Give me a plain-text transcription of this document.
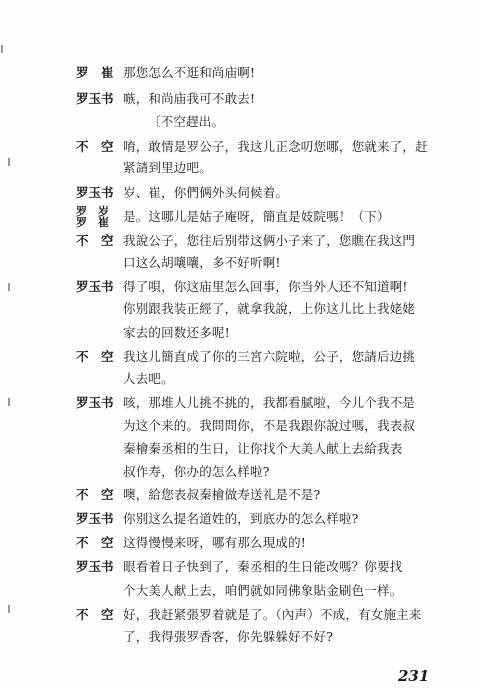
罗　崔 那您怎么不逛和尚庙啊!
罗玉书 嗾，和尚庙我可不敢去!
〔不空趕出。
不　空 唷，敢情是罗公子，我这儿正念叨您哪，您就来了，赶
紧請到里边吧。
罗玉书 岁、崔，你們俩外头伺候着。
罗　岁
罗　崔	是。这哪儿是姑子庵呀，簡直是妓院嗎！（下）
不　空 我說公子，您往后别带这俩小子来了，您瞧在我这門
口这么胡嚷嚷，多不好听啊!
罗玉书 得了唄，你这庙里怎么回事，你当外人还不知道啊!
你别跟我装正經了，就拿我說，上你这儿比上我姥姥
家去的回数还多呢!
不　空 我这儿簡直成了你的三宮六院啦，公子，您請后边挑
人去吧。
罗玉书 咳，那堆人儿挑不挑的，我都看腻啦，今儿个我不是
为这个来的。我問問你，不是我跟你說过嗎，我表叔
秦檜秦丞相的生日，让你找个大美人献上去給我表
叔作寿，你办的怎么样啦?
不　空 噢，給您表叔秦檜做寿送礼是不是?
罗玉书 你别这么提名道姓的，到底办的怎么样啦?
不　空 这得慢慢来呀，哪有那么現成的!
罗玉书 眼看着日子快到了，秦丞相的生日能改嗎？你要找
个大美人献上去，咱們就如同佛象貼金刷色一样。
不　空 好，我赶紧張罗着就是了。（內声）不成，有女施主来
了，我得張罗香客，你先躲躲好不好?
231
